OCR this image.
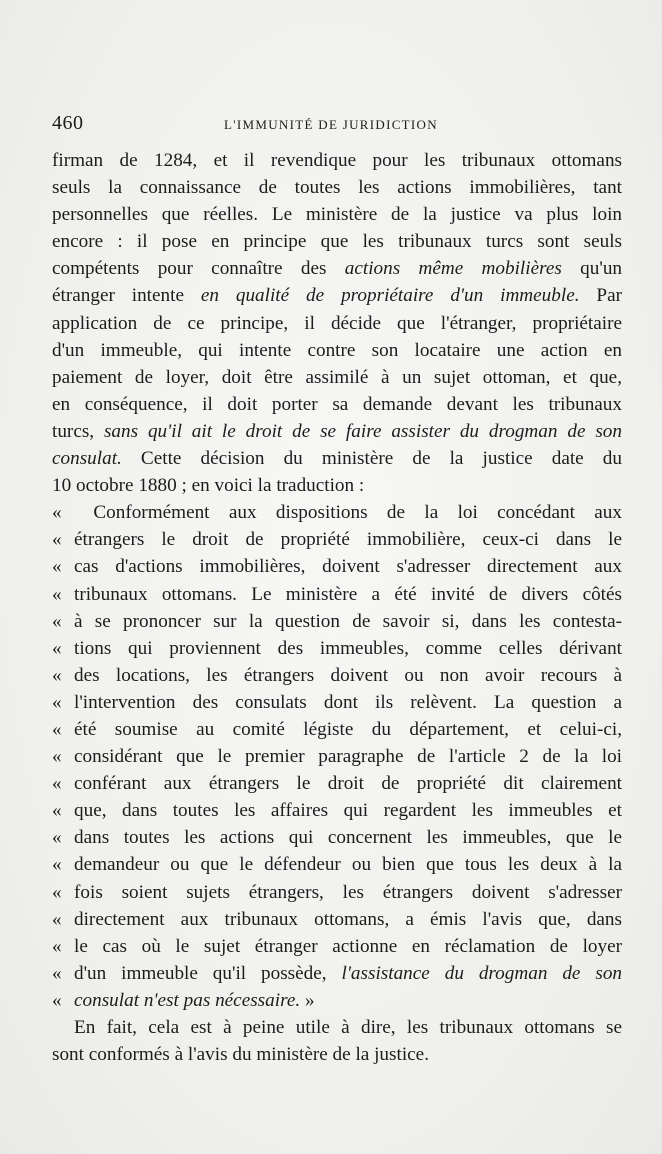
460	L'IMMUNITÉ DE JURIDICTION
firman de 1284, et il revendique pour les tribunaux ottomans
seuls la connaissance de toutes les actions immobilières, tant
personnelles que réelles. Le ministère de la justice va plus loin
encore : il pose en principe que les tribunaux turcs sont seuls
compétents pour connaître des actions même mobilières qu'un
étranger intente en qualité de propriétaire d'un immeuble. Par
application de ce principe, il décide que l'étranger, propriétaire
d'un immeuble, qui intente contre son locataire une action en
paiement de loyer, doit être assimilé à un sujet ottoman, et que,
en conséquence, il doit porter sa demande devant les tribunaux
turcs, sans qu'il ait le droit de se faire assister du drogman de son
consulat. Cette décision du ministère de la justice date du
10 octobre 1880 ; en voici la traduction :
« Conformément aux dispositions de la loi concédant aux
« étrangers le droit de propriété immobilière, ceux-ci dans le
« cas d'actions immobilières, doivent s'adresser directement aux
« tribunaux ottomans. Le ministère a été invité de divers côtés
« à se prononcer sur la question de savoir si, dans les contesta-
« tions qui proviennent des immeubles, comme celles dérivant
« des locations, les étrangers doivent ou non avoir recours à
« l'intervention des consulats dont ils relèvent. La question a
« été soumise au comité légiste du département, et celui-ci,
« considérant que le premier paragraphe de l'article 2 de la loi
« conférant aux étrangers le droit de propriété dit clairement
« que, dans toutes les affaires qui regardent les immeubles et
« dans toutes les actions qui concernent les immeubles, que le
« demandeur ou que le défendeur ou bien que tous les deux à la
« fois soient sujets étrangers, les étrangers doivent s'adresser
« directement aux tribunaux ottomans, a émis l'avis que, dans
« le cas où le sujet étranger actionne en réclamation de loyer
« d'un immeuble qu'il possède, l'assistance du drogman de son
« consulat n'est pas nécessaire. »
En fait, cela est à peine utile à dire, les tribunaux ottomans se
sont conformés à l'avis du ministère de la justice.
